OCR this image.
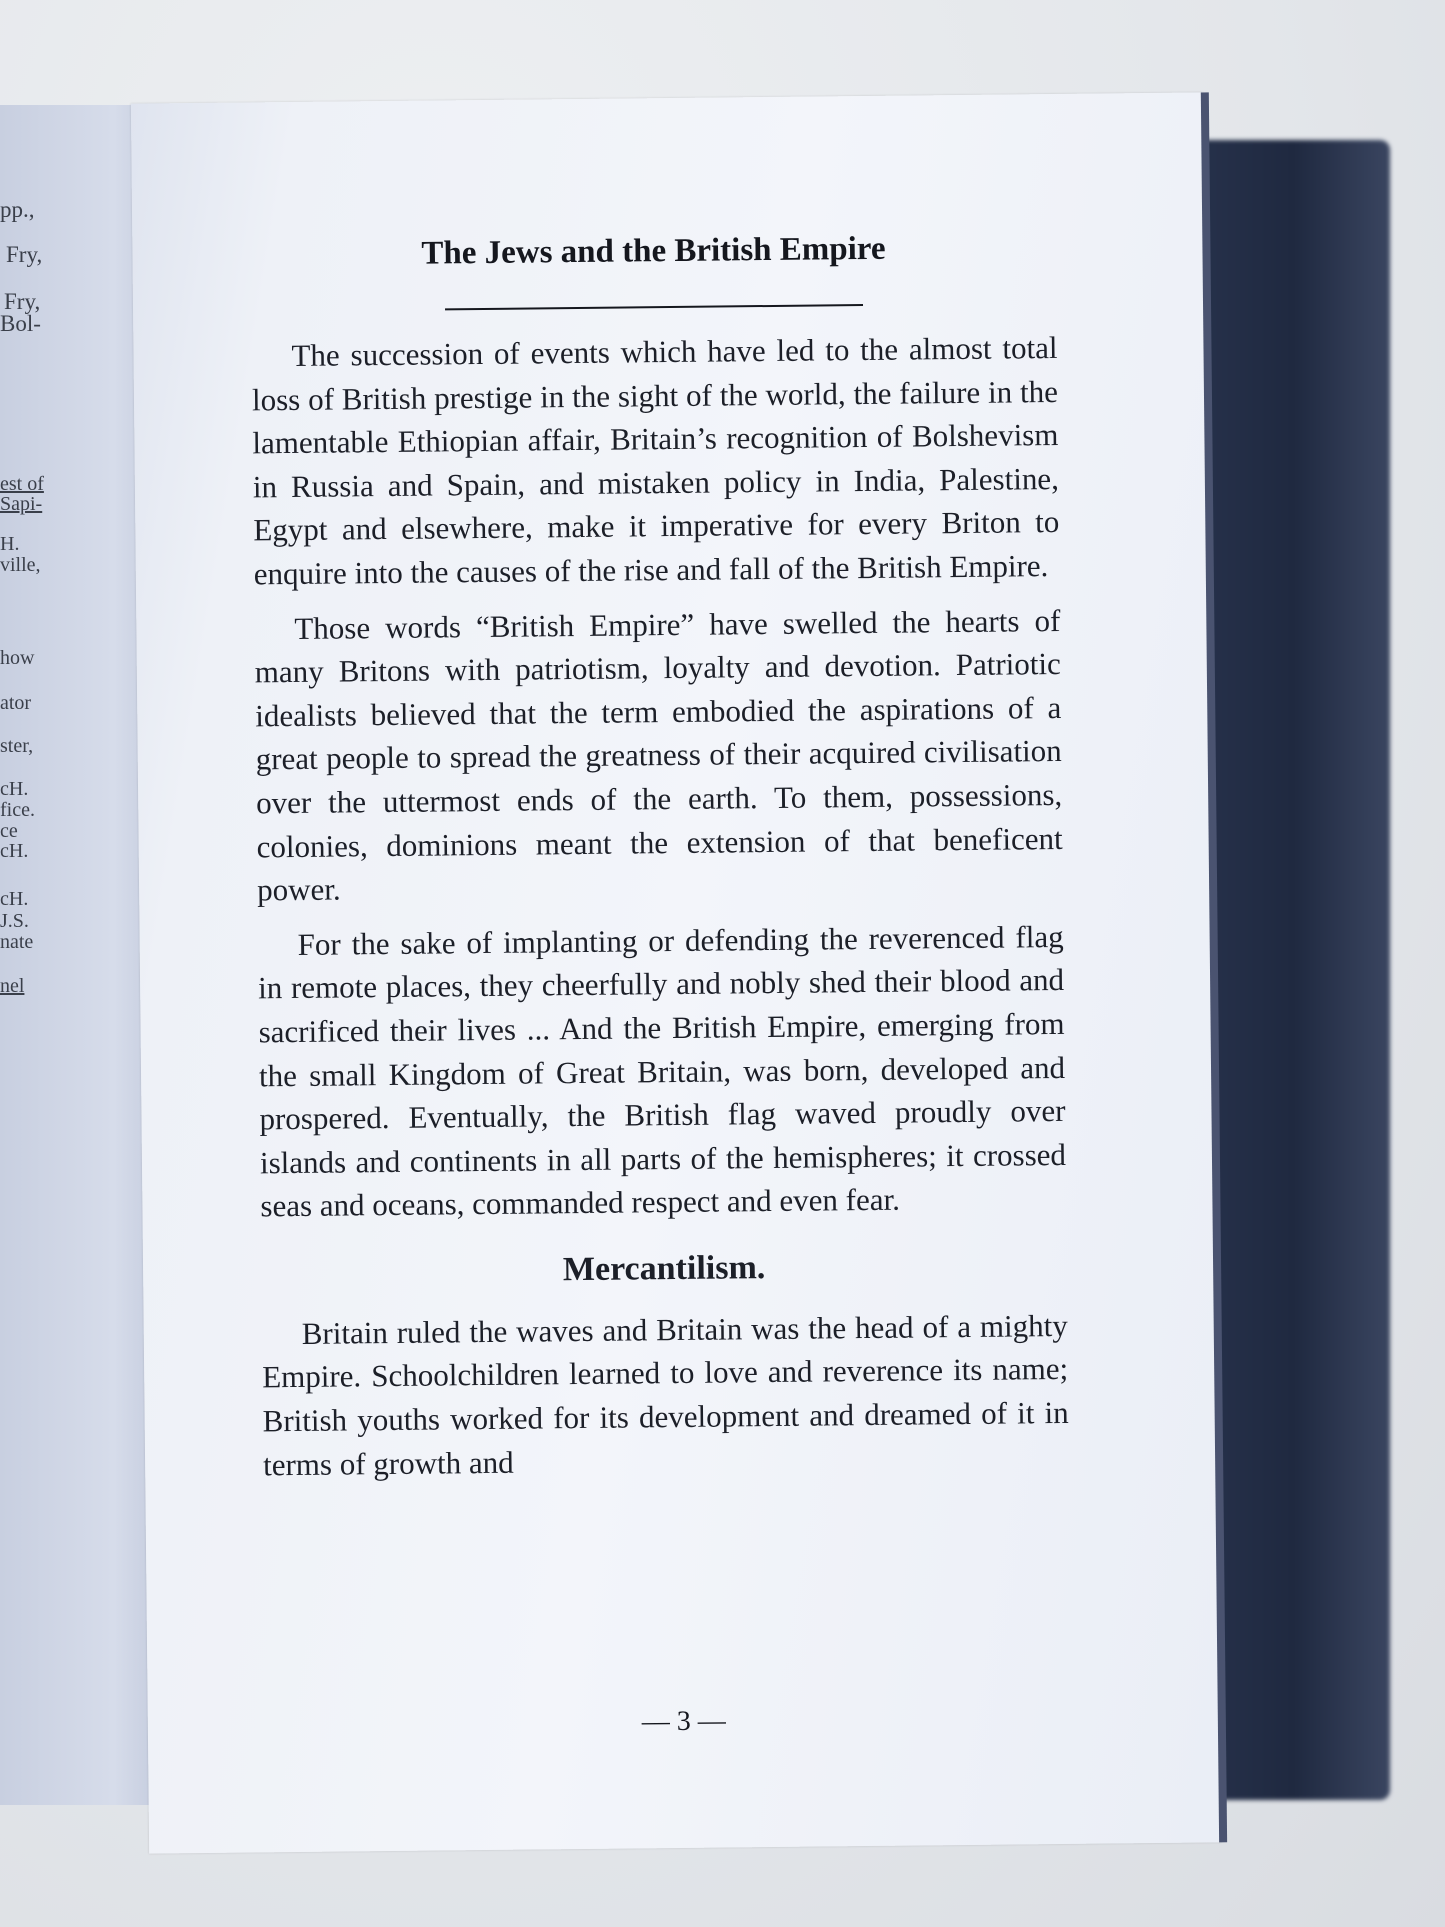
pp.,
Fry,
Fry,
Bol-
est of
Sapi-
H.
ville,
how
ator
ster,
cH.
fice.
ce
cH.
cH.
J.S.
nate
nel
The Jews and the British Empire

The succession of events which have led to the almost total loss of British prestige in the sight of the world, the failure in the lamentable Ethiopian affair, Britain’s recognition of Bolshevism in Russia and Spain, and mistaken policy in India, Palestine, Egypt and elsewhere, make it imperative for every Briton to enquire into the causes of the rise and fall of the British Empire.

Those words “British Empire” have swelled the hearts of many Britons with patriotism, loyalty and devotion. Patriotic idealists believed that the term embodied the aspirations of a great people to spread the greatness of their acquired civilisation over the uttermost ends of the earth. To them, possessions, colonies, dominions meant the extension of that beneficent power.

For the sake of implanting or defending the reverenced flag in remote places, they cheerfully and nobly shed their blood and sacrificed their lives ... And the British Empire, emerging from the small Kingdom of Great Britain, was born, developed and prospered. Eventually, the British flag waved proudly over islands and continents in all parts of the hemispheres; it crossed seas and oceans, commanded respect and even fear.

Mercantilism.

Britain ruled the waves and Britain was the head of a mighty Empire. Schoolchildren learned to love and reverence its name; British youths worked for its development and dreamed of it in terms of growth and

— 3 —
